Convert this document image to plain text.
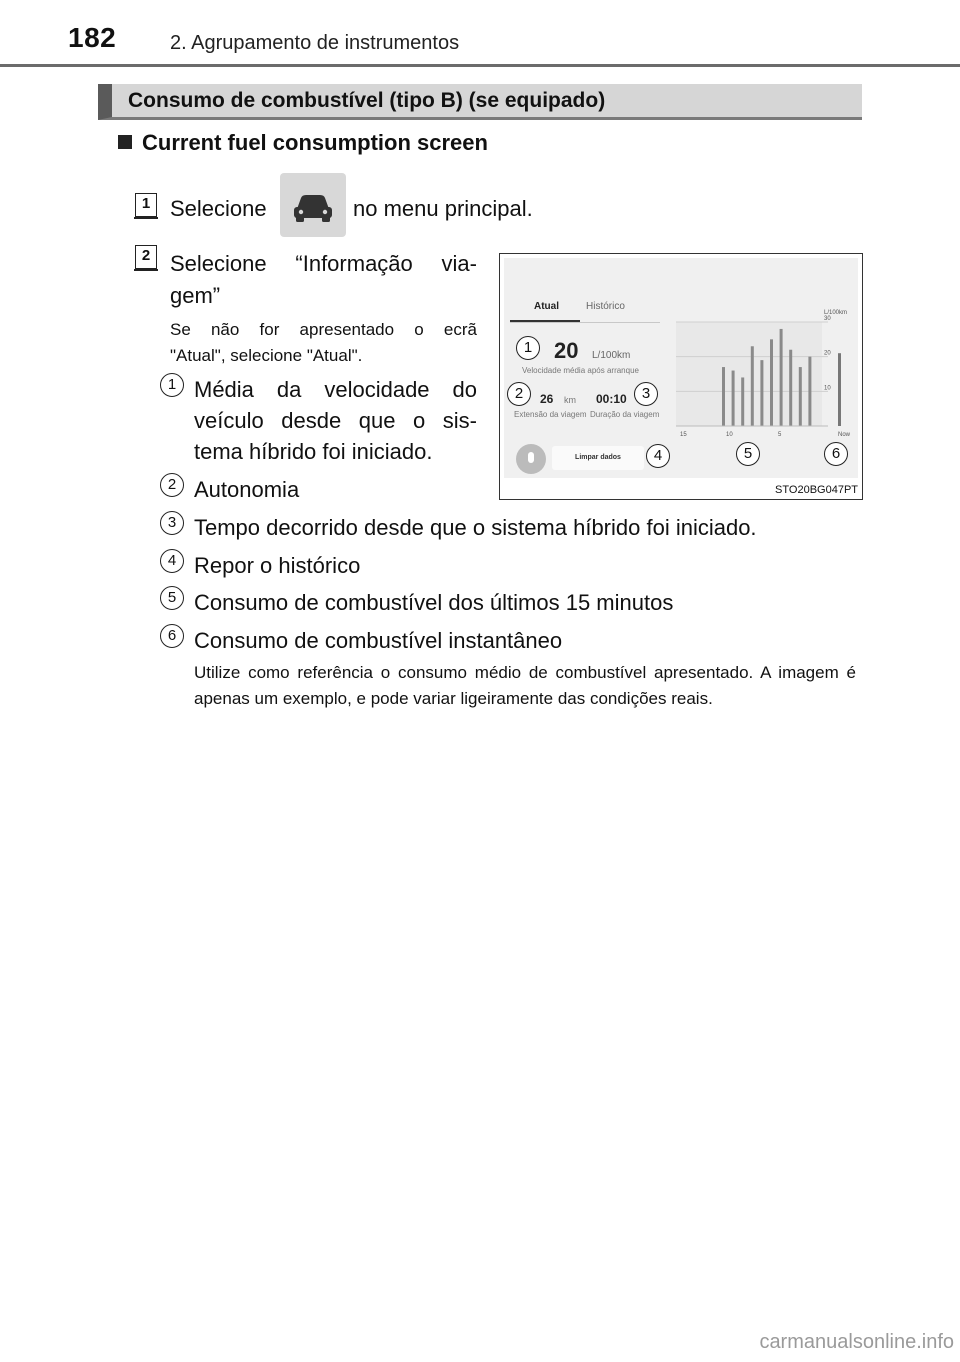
182	2. Agrupamento de instrumentos
Consumo de combustível (tipo B) (se equipado)
Current fuel consumption screen
1 Selecione	no menu principal.
2 Selecione “Informação via-
gem”
Se não for apresentado o ecrã
"Atual", selecione "Atual".
1 Média da velocidade do
veículo desde que o sis-
tema híbrido foi iniciado.
2 Autonomia
3 Tempo decorrido desde que o sistema híbrido foi iniciado.
4 Repor o histórico
5 Consumo de combustível dos últimos 15 minutos
6 Consumo de combustível instantâneo
Utilize como referência o consumo médio de combustível apresentado. A imagem é apenas um exemplo, e pode variar ligeiramente das condições reais.
Atual	Histórico
20 L/100km
Velocidade média após arranque
26 km
Extensão da viagem
00:10
Duração da viagem
Limpar dados
30
20
10
L/100km
15	10	5	Now
1
2	3
4	5	6
STO20BG047PT
carmanualsonline.info
